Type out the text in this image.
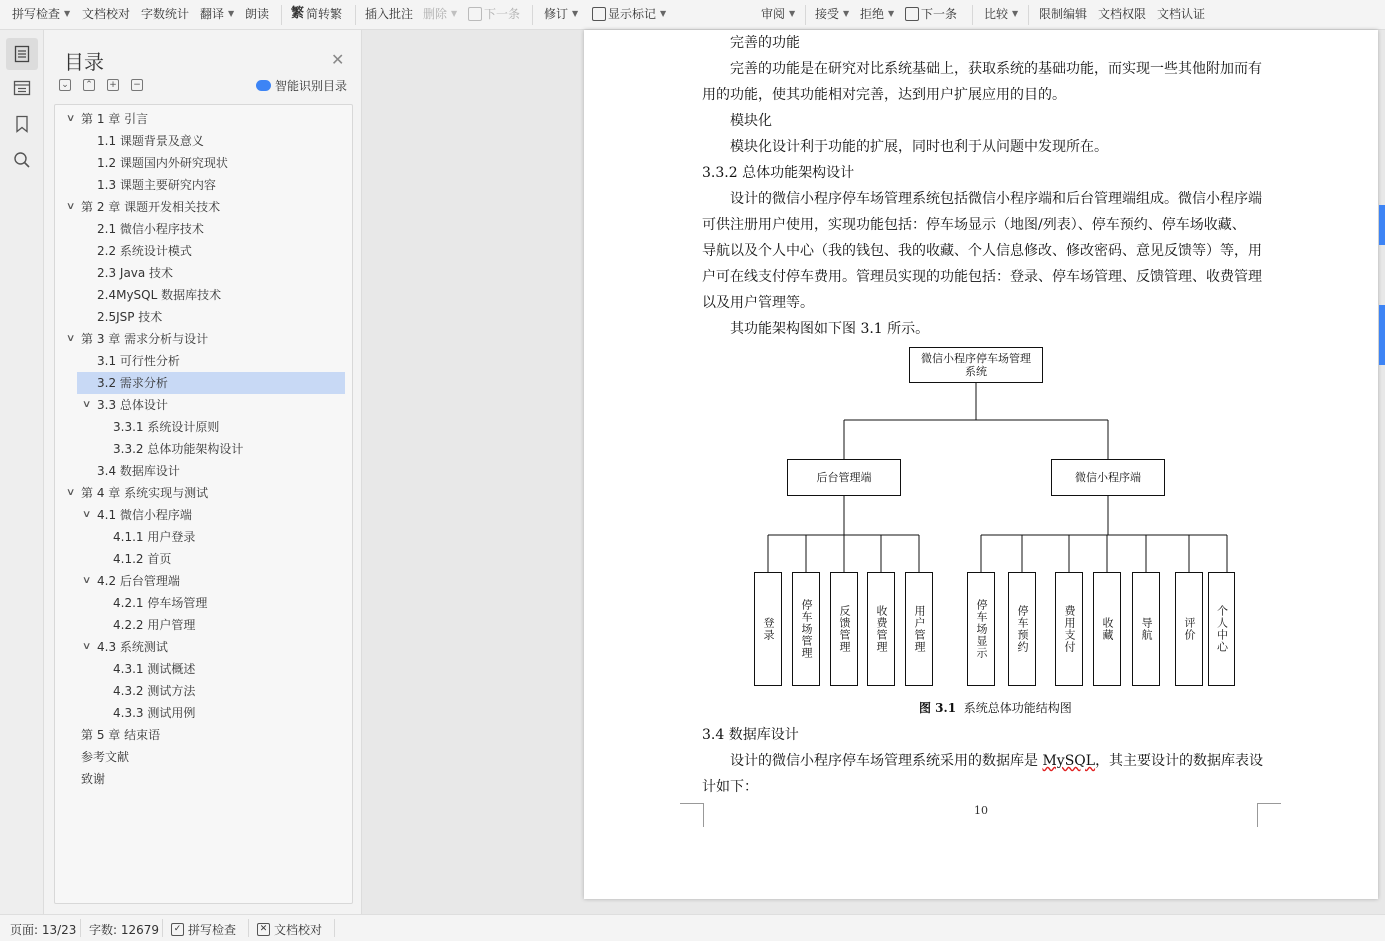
拼写检查 ▼ 文档校对 字数统计 翻译 ▼ 朗读 繁 简转繁 插入批注 删除 ▼ 下一条 修订 ▼ 显示标记 ▼	审阅 ▼ 接受 ▼ 拒绝 ▼ 下一条 比较 ▼ 限制编辑 文档权限 文档认证
目录	✕
⌄ ⌃ + −	智能识别目录
∨ 第 1 章 引言
1.1 课题背景及意义
1.2 课题国内外研究现状
1.3 课题主要研究内容
∨ 第 2 章 课题开发相关技术
2.1 微信小程序技术
2.2 系统设计模式
2.3 Java 技术
2.4MySQL 数据库技术
2.5JSP 技术
∨ 第 3 章 需求分析与设计
3.1 可行性分析
3.2 需求分析
∨ 3.3 总体设计
3.3.1 系统设计原则
3.3.2 总体功能架构设计
3.4 数据库设计
∨ 第 4 章 系统实现与测试
∨ 4.1 微信小程序端
4.1.1 用户登录
4.1.2 首页
∨ 4.2 后台管理端
4.2.1 停车场管理
4.2.2 用户管理
∨ 4.3 系统测试
4.3.1 测试概述
4.3.2 测试方法
4.3.3 测试用例
第 5 章 结束语
参考文献
致谢
完善的功能
完善的功能是在研究对比系统基础上，获取系统的基础功能，而实现一些其他附加而有
用的功能，使其功能相对完善，达到用户扩展应用的目的。
模块化
模块化设计利于功能的扩展，同时也利于从问题中发现所在。
3.3.2 总体功能架构设计
设计的微信小程序停车场管理系统包括微信小程序端和后台管理端组成。微信小程序端
可供注册用户使用，实现功能包括：停车场显示（地图/列表）、停车预约、停车场收藏、
导航以及个人中心（我的钱包、我的收藏、个人信息修改、修改密码、意见反馈等）等，用
户可在线支付停车费用。管理员实现的功能包括：登录、停车场管理、反馈管理、收费管理
以及用户管理等。
其功能架构图如下图 3.1 所示。
微信小程序停车场管理系统
后台管理端	微信小程序端
登录	停车场管理	反馈管理	收费管理	用户管理	停车场显示	停车预约	费用支付	收藏	导航	评价	个人中心
图 3.1 系统总体功能结构图
3.4 数据库设计
设计的微信小程序停车场管理系统采用的数据库是 MySQL，其主要设计的数据库表设
计如下：
10
页面: 13/23 字数: 12679	✓ 拼写检查	✕ 文档校对
